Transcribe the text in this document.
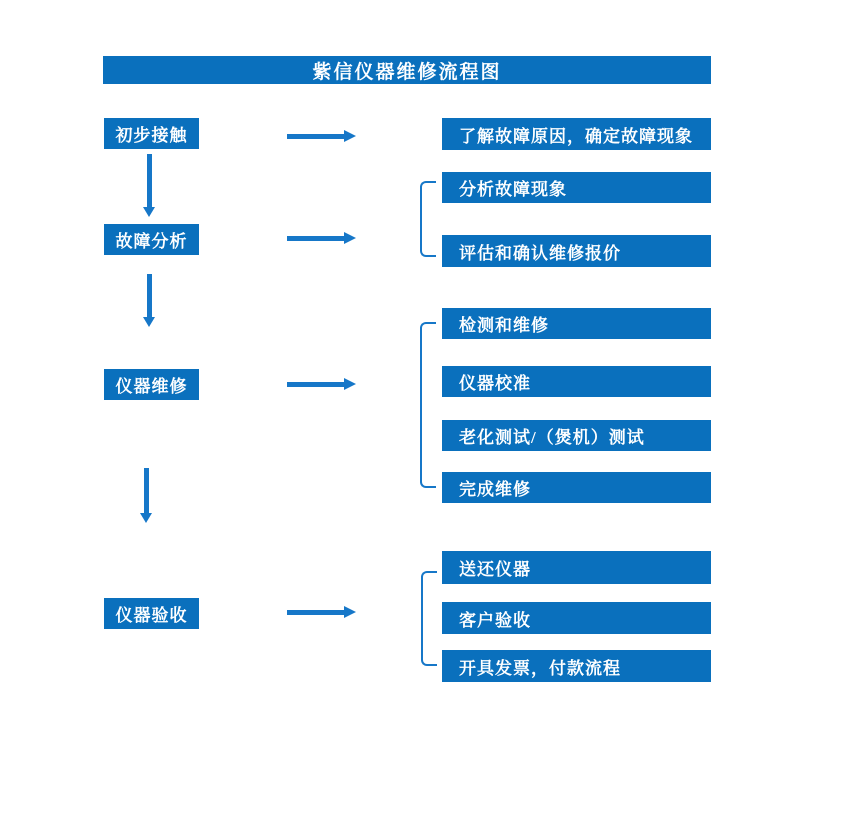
紫信仪器维修流程图
初步接触
故障分析
仪器维修
仪器验收
了解故障原因，确定故障现象
分析故障现象
评估和确认维修报价
检测和维修
仪器校准
老化测试/（煲机）测试
完成维修
送还仪器
客户验收
开具发票，付款流程
